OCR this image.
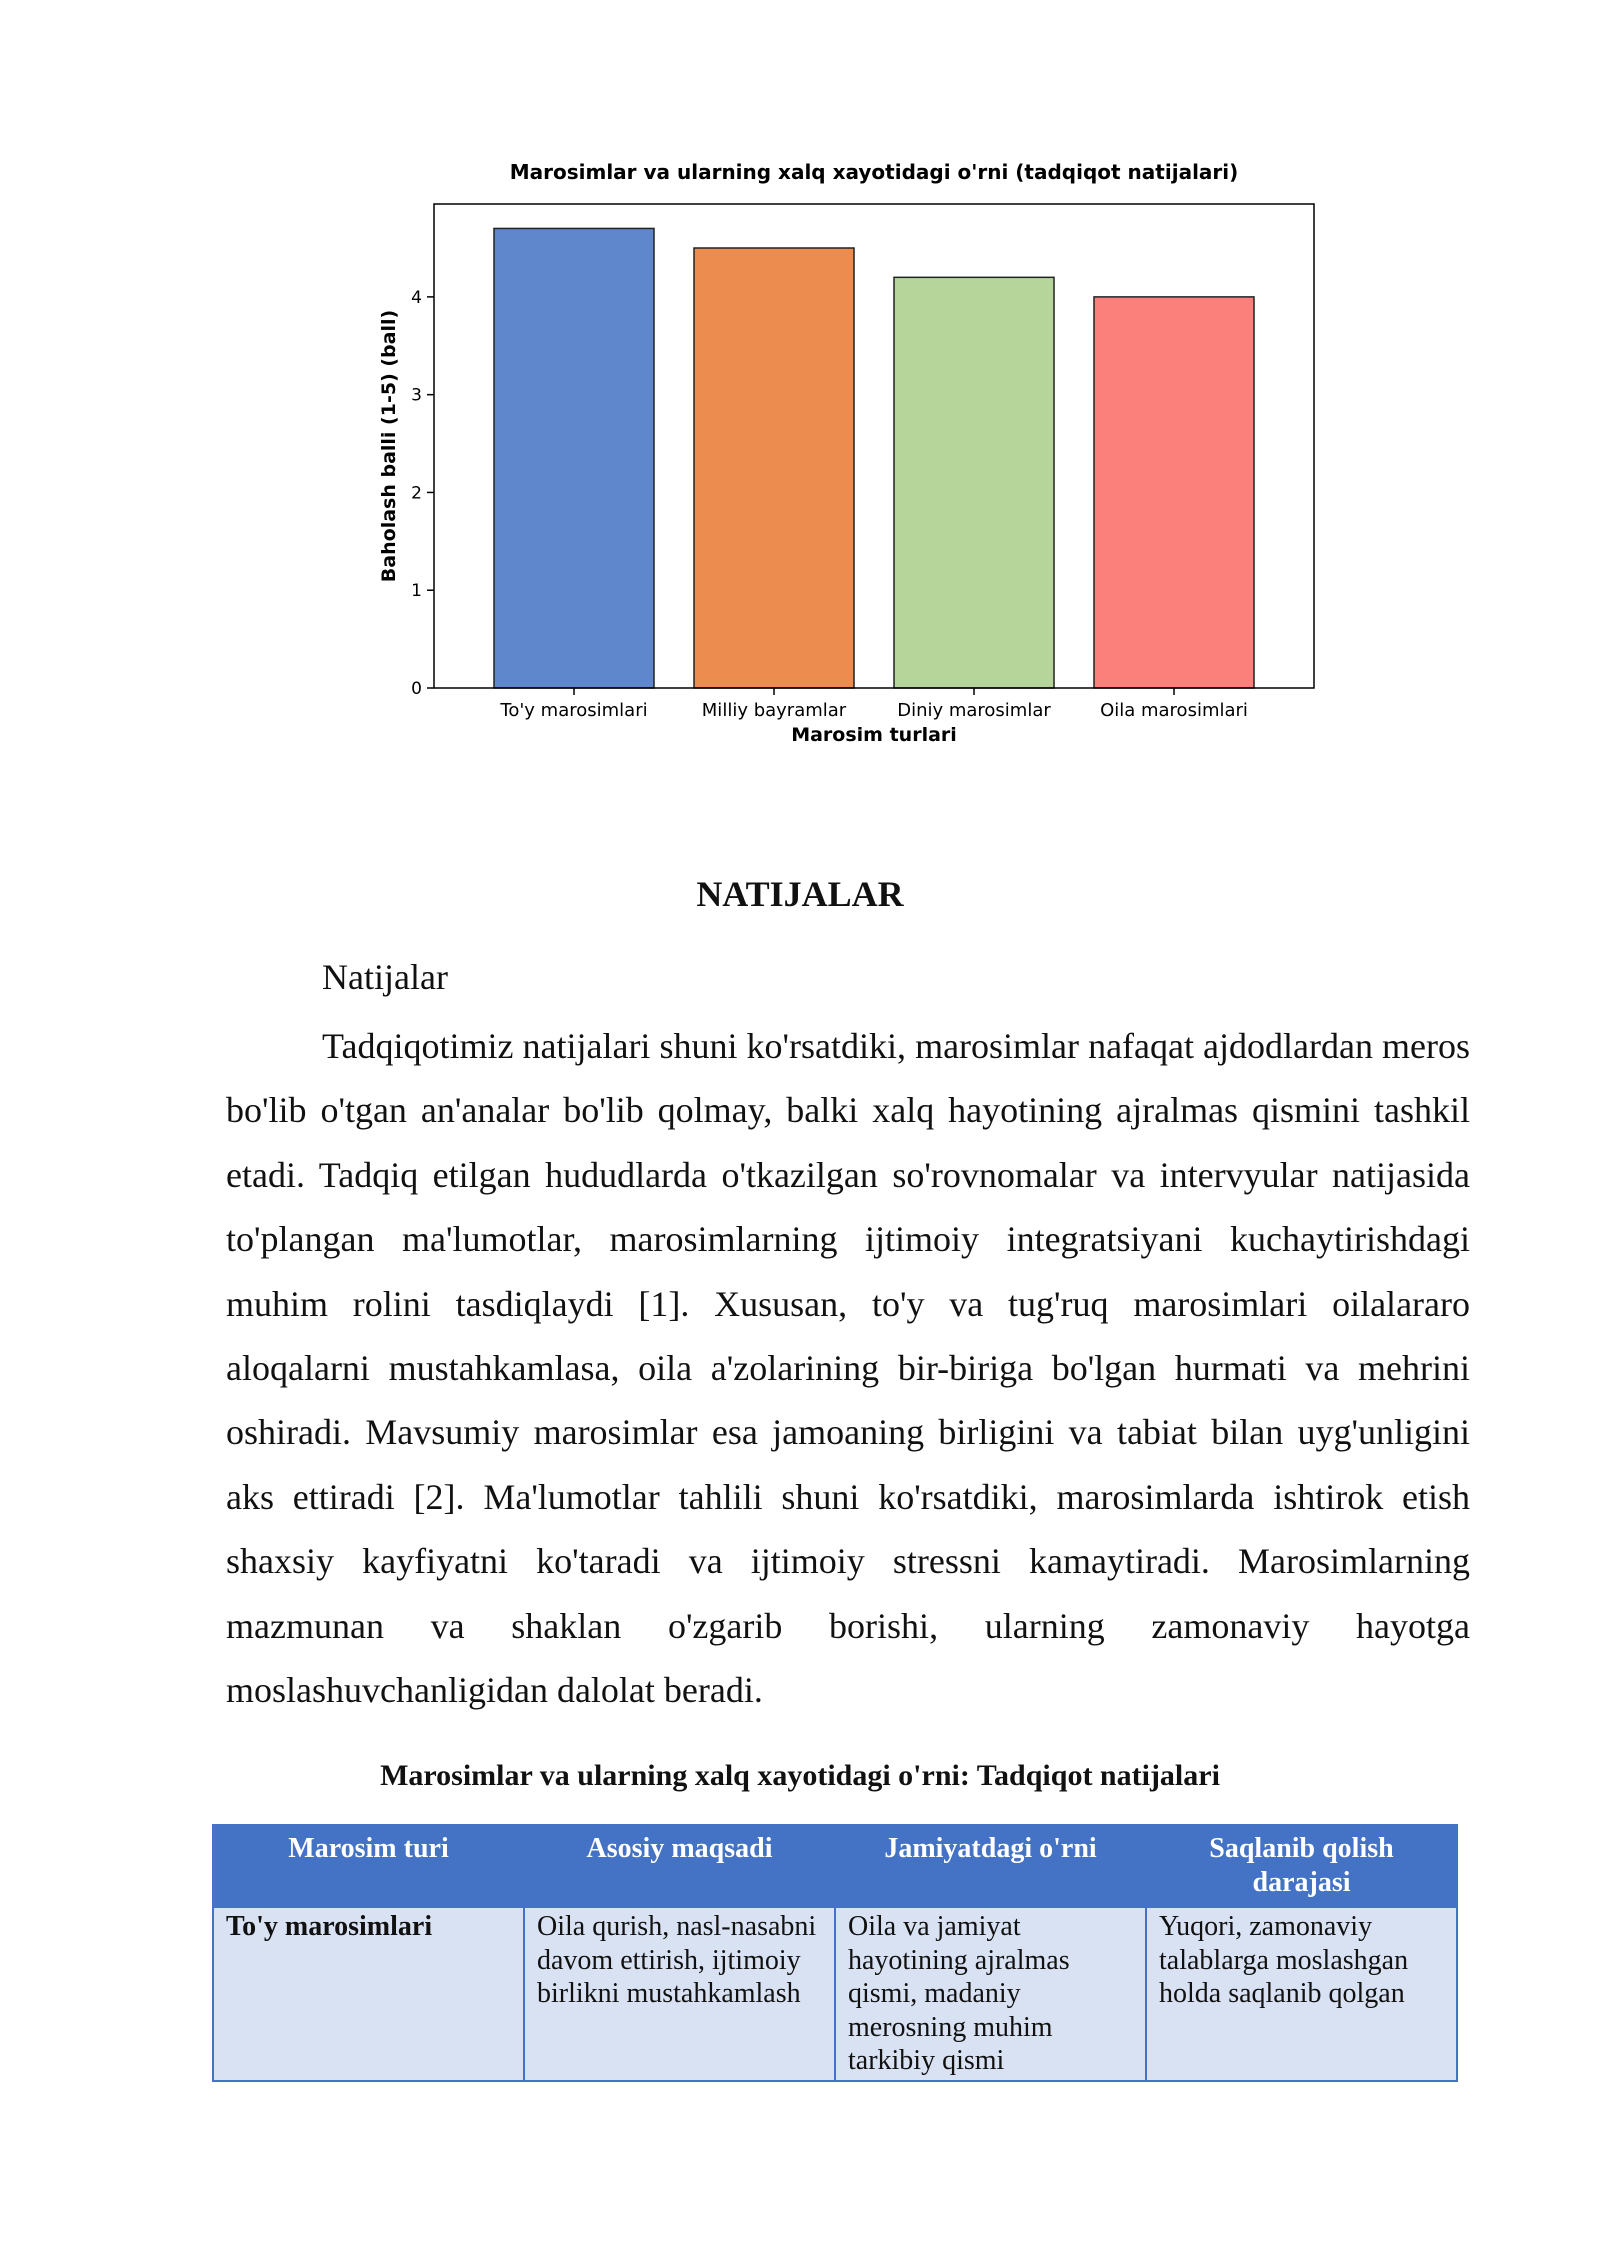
Marosimlar va ularning xalq xayotidagi o'rni (tadqiqot natijalari)
0
1
2
3
4
To'y marosimlari	Milliy bayramlar	Diniy marosimlar	Oila marosimlari
Marosim turlari
Baholash balli (1-5) (ball)
NATIJALAR
Natijalar

Tadqiqotimiz natijalari shuni ko'rsatdiki, marosimlar nafaqat ajdodlardan meros bo'lib o'tgan an'analar bo'lib qolmay, balki xalq hayotining ajralmas qismini tashkil etadi. Tadqiq etilgan hududlarda o'tkazilgan so'rovnomalar va intervyular natijasida to'plangan ma'lumotlar, marosimlarning ijtimoiy integratsiyani kuchaytirishdagi muhim rolini tasdiqlaydi [1]. Xususan, to'y va tug'ruq marosimlari oilalararo aloqalarni mustahkamlasa, oila a'zolarining bir-biriga bo'lgan hurmati va mehrini oshiradi. Mavsumiy marosimlar esa jamoaning birligini va tabiat bilan uyg'unligini aks ettiradi [2]. Ma'lumotlar tahlili shuni ko'rsatdiki, marosimlarda ishtirok etish shaxsiy kayfiyatni ko'taradi va ijtimoiy stressni kamaytiradi. Marosimlarning mazmunan va shaklan o'zgarib borishi, ularning zamonaviy hayotga moslashuvchanligidan dalolat beradi.

Marosimlar va ularning xalq xayotidagi o'rni: Tadqiqot natijalari
Marosim turi	Asosiy maqsadi	Jamiyatdagi o'rni	Saqlanib qolish darajasi
To'y marosimlari	Oila qurish, nasl-nasabni davom ettirish, ijtimoiy birlikni mustahkamlash	Oila va jamiyat hayotining ajralmas qismi, madaniy merosning muhim tarkibiy qismi	Yuqori, zamonaviy talablarga moslashgan holda saqlanib qolgan
